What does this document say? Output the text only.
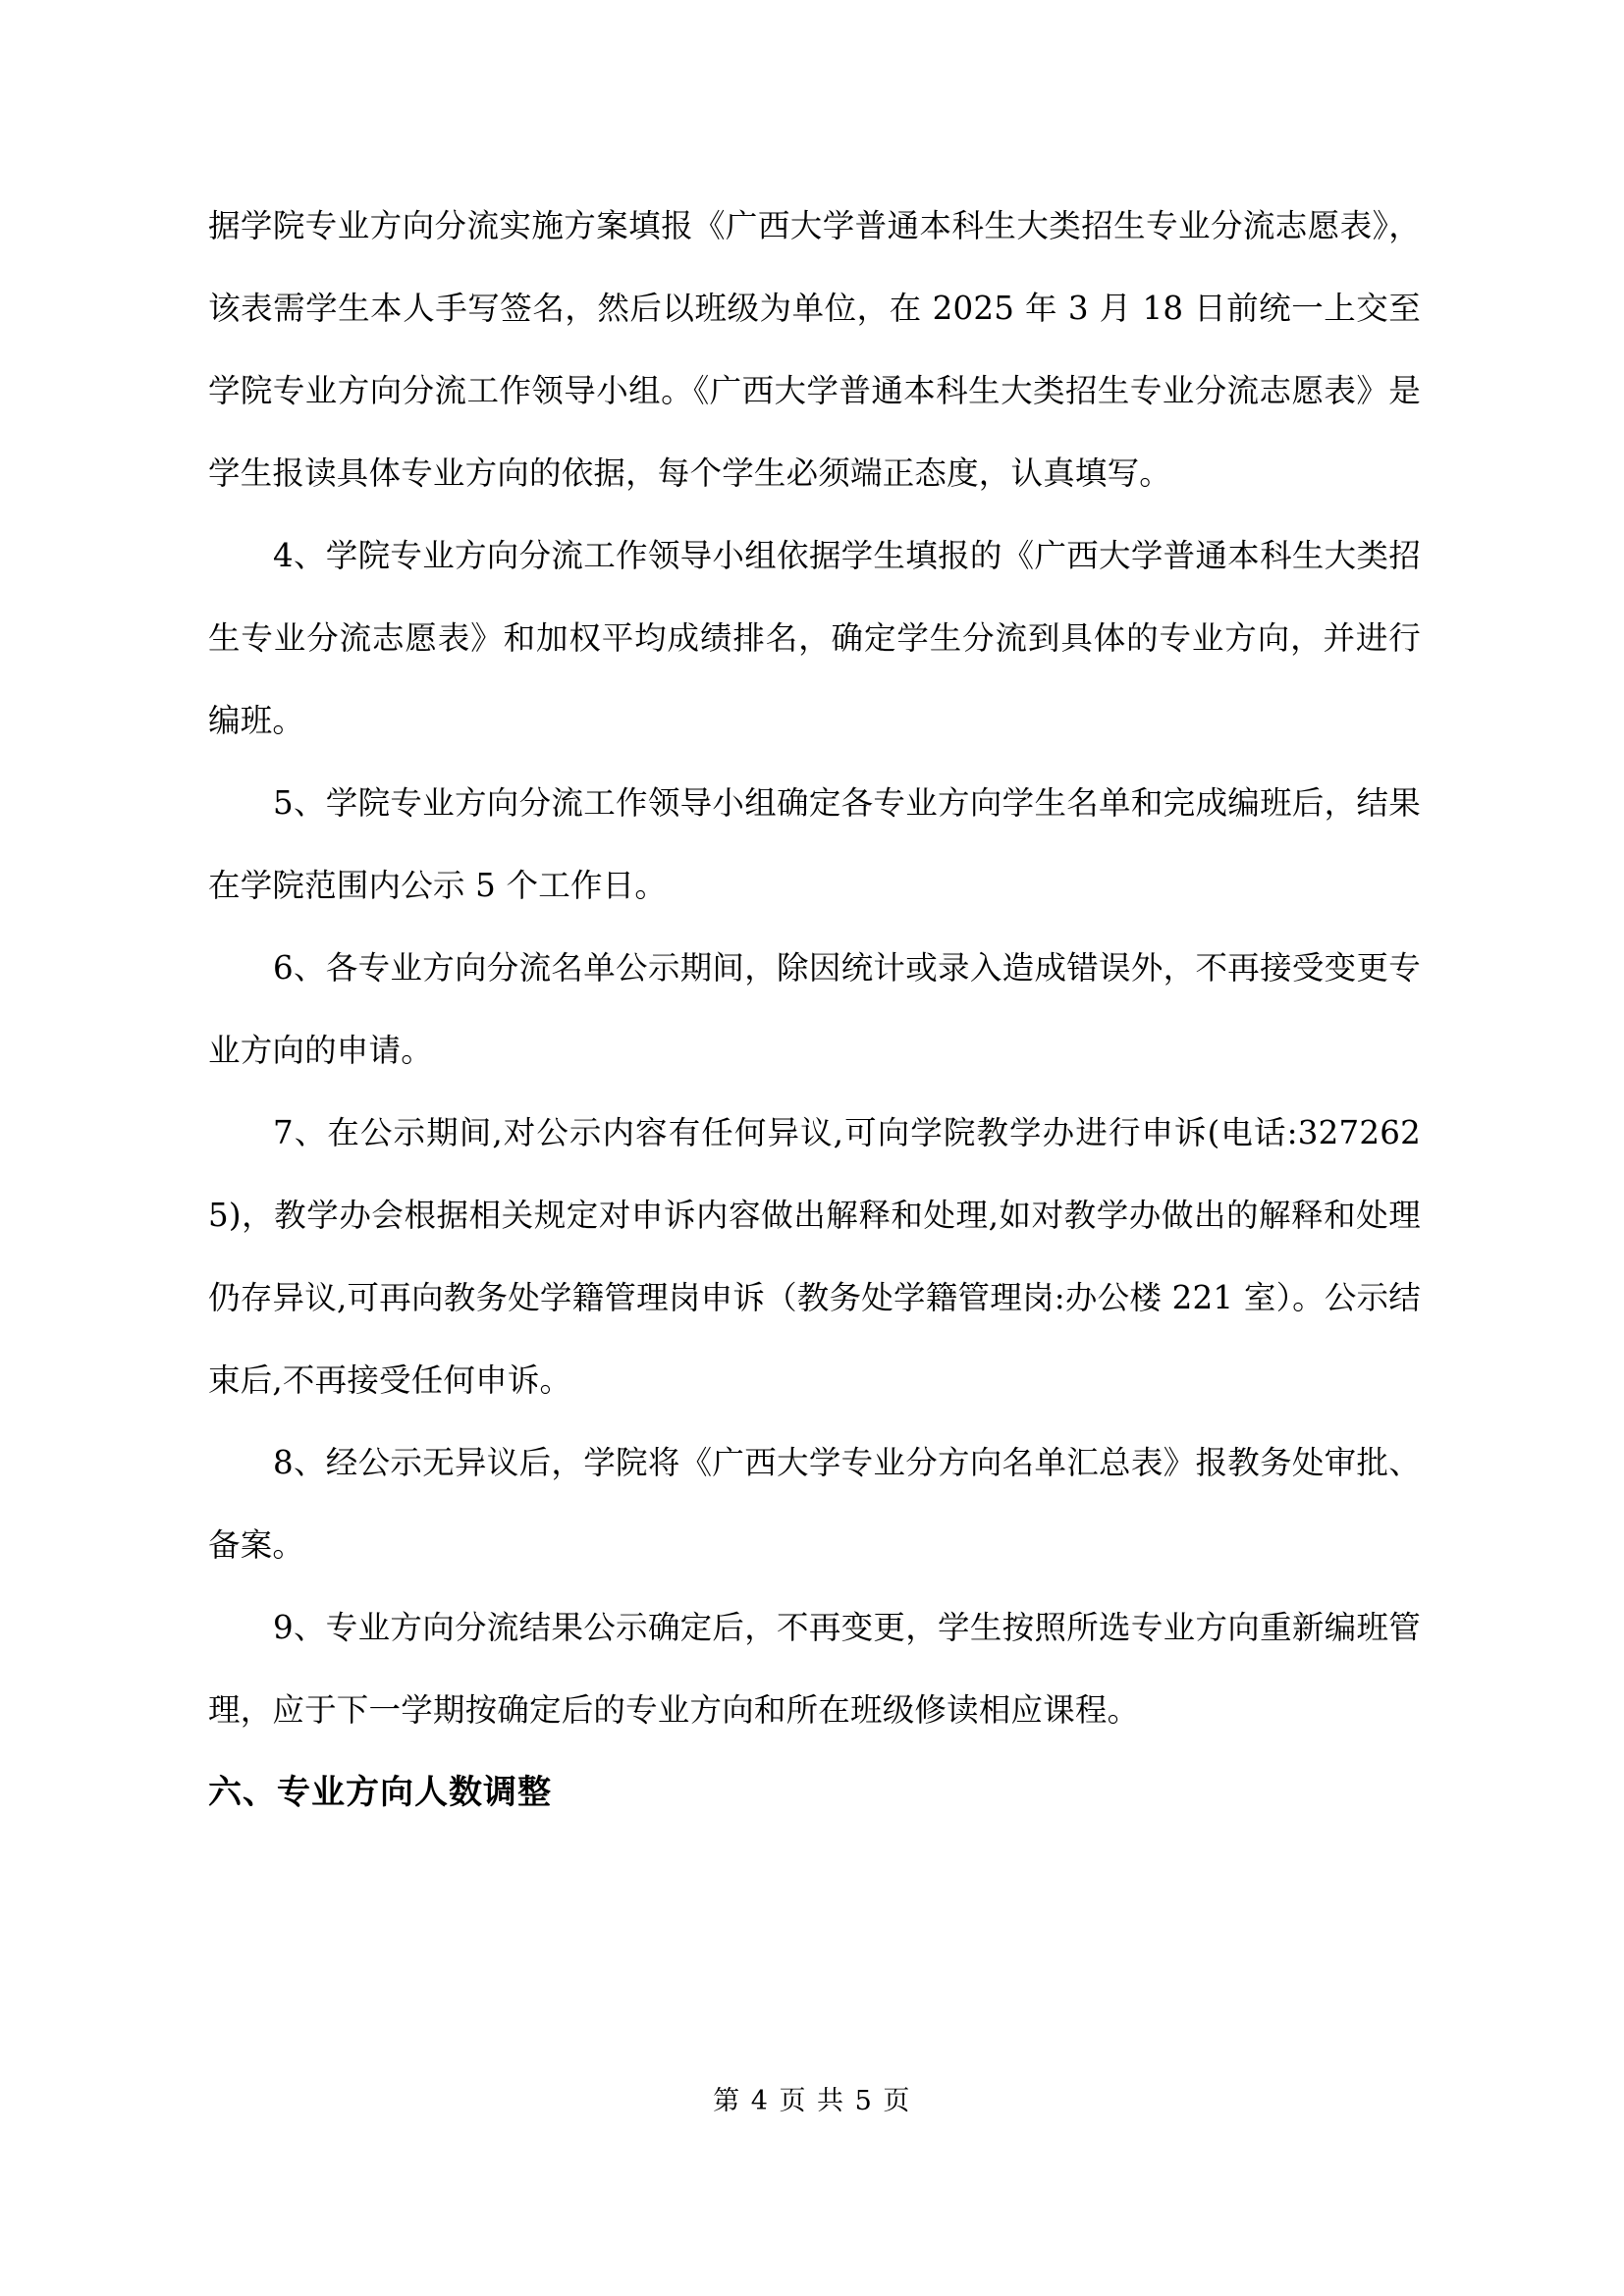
据学院专业方向分流实施方案填报《广西大学普通本科生大类招生专业分流志愿表》，该表需学生本人手写签名，然后以班级为单位，在 2025 年 3 月 18 日前统一上交至学院专业方向分流工作领导小组。《广西大学普通本科生大类招生专业分流志愿表》是学生报读具体专业方向的依据，每个学生必须端正态度，认真填写。

4、学院专业方向分流工作领导小组依据学生填报的《广西大学普通本科生大类招生专业分流志愿表》和加权平均成绩排名，确定学生分流到具体的专业方向，并进行编班。

5、学院专业方向分流工作领导小组确定各专业方向学生名单和完成编班后，结果在学院范围内公示 5 个工作日。

6、各专业方向分流名单公示期间，除因统计或录入造成错误外，不再接受变更专业方向的申请。

7、在公示期间,对公示内容有任何异议,可向学院教学办进行申诉(电话:3272625)，教学办会根据相关规定对申诉内容做出解释和处理,如对教学办做出的解释和处理仍存异议,可再向教务处学籍管理岗申诉（教务处学籍管理岗:办公楼 221 室）。公示结束后,不再接受任何申诉。

8、经公示无异议后，学院将《广西大学专业分方向名单汇总表》报教务处审批、备案。

9、专业方向分流结果公示确定后，不再变更，学生按照所选专业方向重新编班管理，应于下一学期按确定后的专业方向和所在班级修读相应课程。

六、专业方向人数调整
第 4 页 共 5 页
